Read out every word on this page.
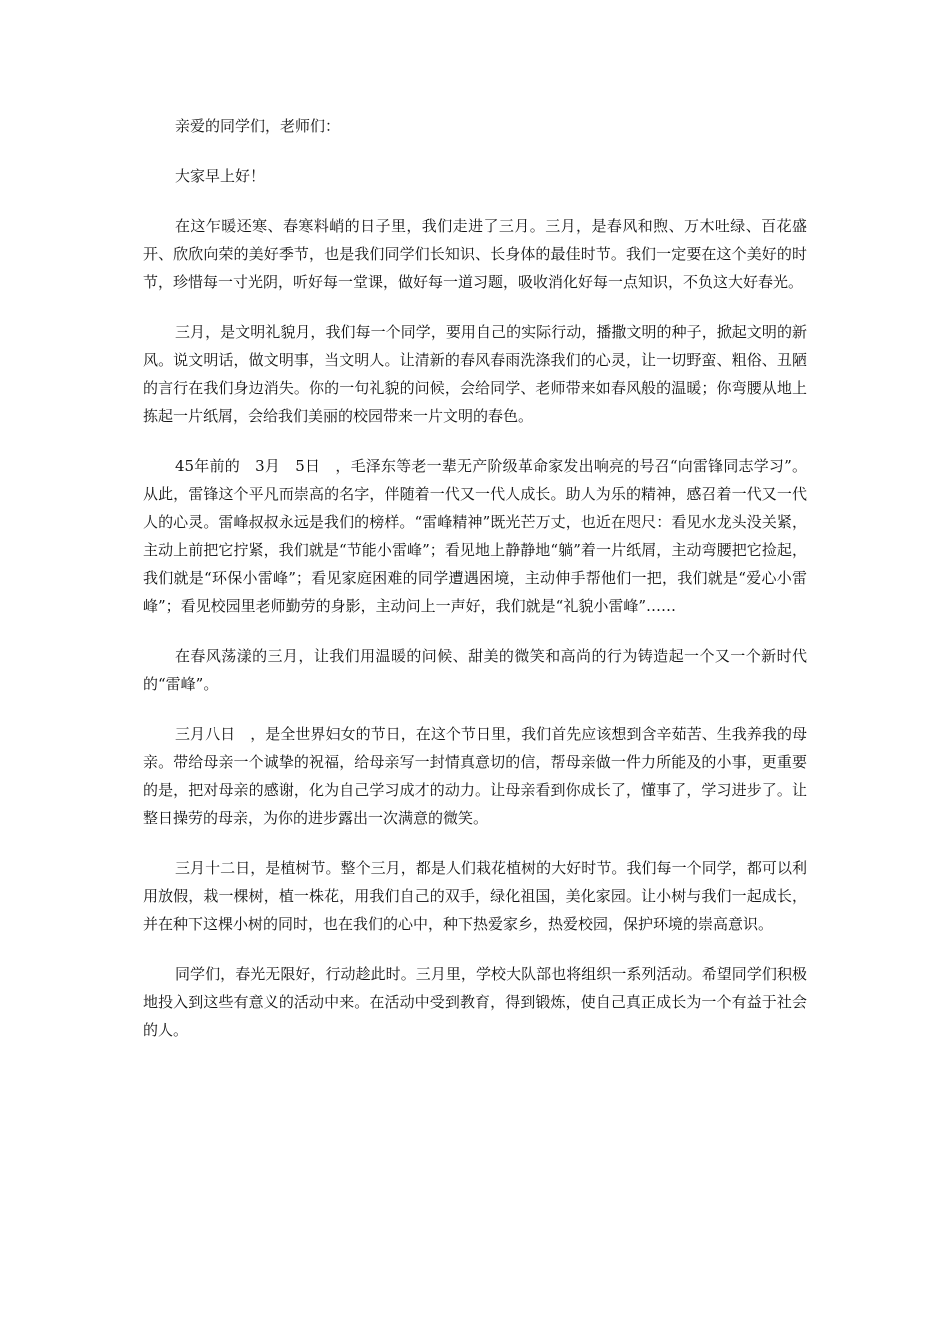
亲爱的同学们，老师们：

大家早上好！

在这乍暖还寒、春寒料峭的日子里，我们走进了三月。三月，是春风和煦、万木吐绿、百花盛开、欣欣向荣的美好季节，也是我们同学们长知识、长身体的最佳时节。我们一定要在这个美好的时节，珍惜每一寸光阴，听好每一堂课，做好每一道习题，吸收消化好每一点知识，不负这大好春光。

三月，是文明礼貌月，我们每一个同学，要用自己的实际行动，播撒文明的种子，掀起文明的新风。说文明话，做文明事，当文明人。让清新的春风春雨洗涤我们的心灵，让一切野蛮、粗俗、丑陋的言行在我们身边消失。你的一句礼貌的问候，会给同学、老师带来如春风般的温暖；你弯腰从地上拣起一片纸屑，会给我们美丽的校园带来一片文明的春色。

45年前的　3月　5日　，毛泽东等老一辈无产阶级革命家发出响亮的号召“向雷锋同志学习”。从此，雷锋这个平凡而崇高的名字，伴随着一代又一代人成长。助人为乐的精神，感召着一代又一代人的心灵。雷峰叔叔永远是我们的榜样。“雷峰精神”既光芒万丈，也近在咫尺：看见水龙头没关紧，主动上前把它拧紧，我们就是“节能小雷峰”；看见地上静静地“躺”着一片纸屑，主动弯腰把它捡起，我们就是“环保小雷峰”；看见家庭困难的同学遭遇困境，主动伸手帮他们一把，我们就是“爱心小雷峰”；看见校园里老师勤劳的身影，主动问上一声好，我们就是“礼貌小雷峰”……

在春风荡漾的三月，让我们用温暖的问候、甜美的微笑和高尚的行为铸造起一个又一个新时代的“雷峰”。

三月八日　，是全世界妇女的节日，在这个节日里，我们首先应该想到含辛茹苦、生我养我的母亲。带给母亲一个诚挚的祝福，给母亲写一封情真意切的信，帮母亲做一件力所能及的小事，更重要的是，把对母亲的感谢，化为自己学习成才的动力。让母亲看到你成长了，懂事了，学习进步了。让整日操劳的母亲，为你的进步露出一次满意的微笑。

三月十二日，是植树节。整个三月，都是人们栽花植树的大好时节。我们每一个同学，都可以利用放假，栽一棵树，植一株花，用我们自己的双手，绿化祖国，美化家园。让小树与我们一起成长，并在种下这棵小树的同时，也在我们的心中，种下热爱家乡，热爱校园，保护环境的崇高意识。

同学们，春光无限好，行动趁此时。三月里，学校大队部也将组织一系列活动。希望同学们积极地投入到这些有意义的活动中来。在活动中受到教育，得到锻炼，使自己真正成长为一个有益于社会的人。
